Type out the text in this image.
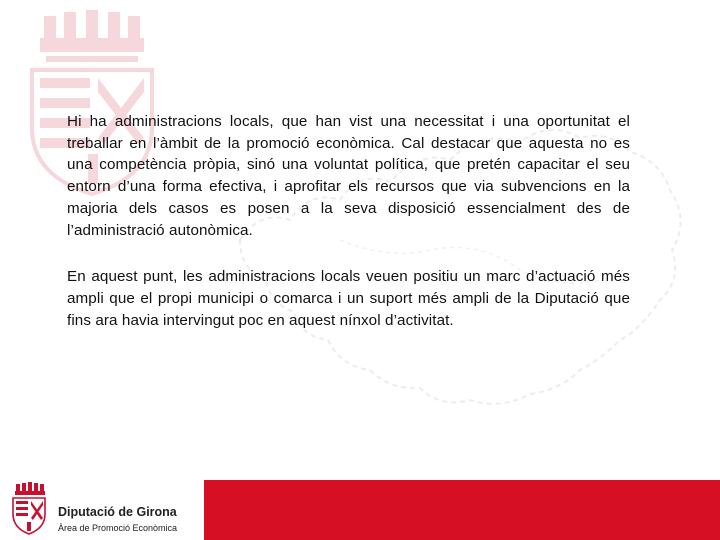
Hi ha administracions locals, que han vist una necessitat i una oportunitat el treballar en l’àmbit de la promoció econòmica. Cal destacar que aquesta no es una competència pròpia, sinó una voluntat política, que pretén capacitar el seu entorn d’una forma efectiva, i aprofitar els recursos que via subvencions en la majoria dels casos es posen a la seva disposició essencialment des de l’administració autonòmica.

En aquest punt, les administracions locals veuen positiu un marc d’actuació més ampli que el propi municipi o comarca i un suport més ampli de la Diputació que fins ara havia intervingut poc en aquest nínxol d’activitat.

Diputació de Girona
Àrea de Promoció Econòmica
